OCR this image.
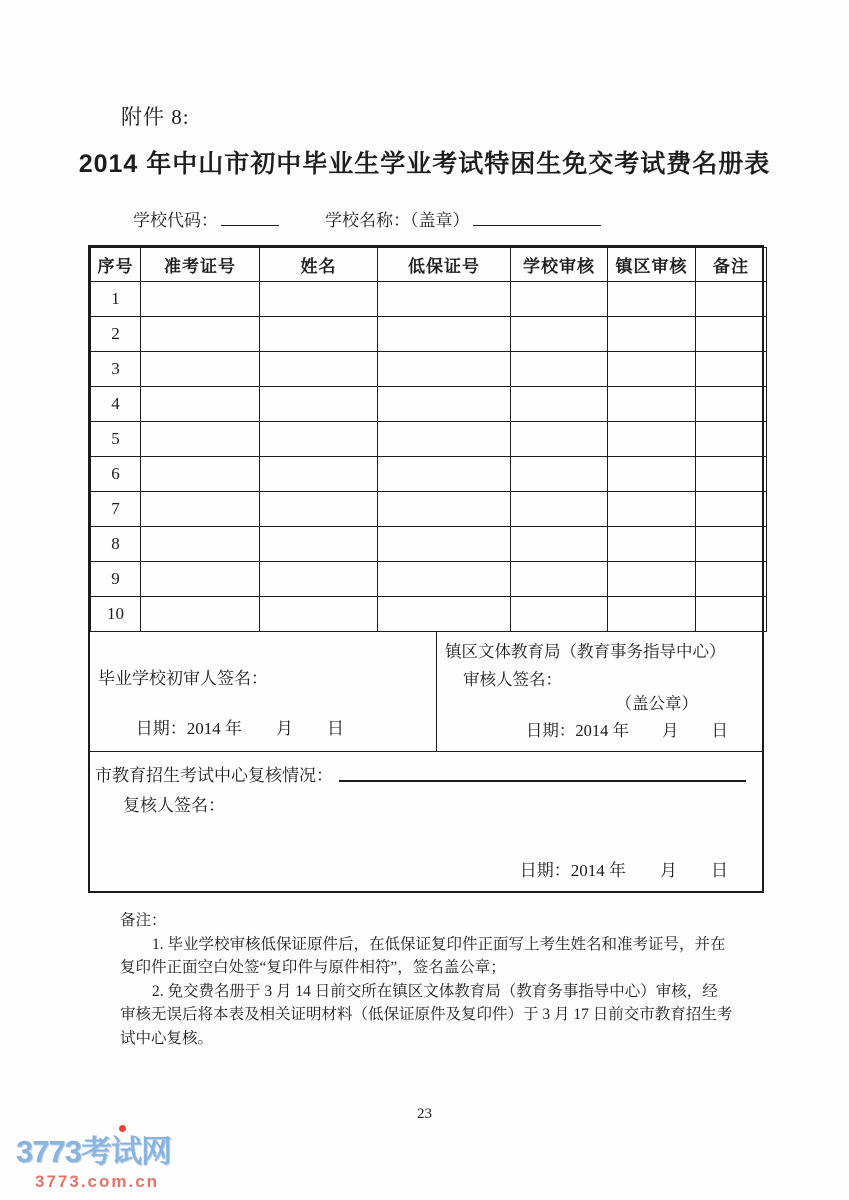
附件 8:
2014 年中山市初中毕业生学业考试特困生免交考试费名册表
学校代码：	学校名称：（盖章）
序号	准考证号	姓名	低保证号	学校审核	镇区审核	备注
1						
2						
3						
4						
5						
6						
7						
8						
9						
10						
毕业学校初审人签名：
日期：2014 年　　月　　日
镇区文体教育局（教育事务指导中心）
审核人签名：
（盖公章）
日期：2014 年　　月　　日
市教育招生考试中心复核情况：
复核人签名：
日期：2014 年　　月　　日
备注：
1. 毕业学校审核低保证原件后，在低保证复印件正面写上考生姓名和准考证号，并在
复印件正面空白处签“复印件与原件相符”，签名盖公章；
2. 免交费名册于 3 月 14 日前交所在镇区文体教育局（教育务事指导中心）审核，经
审核无误后将本表及相关证明材料（低保证原件及复印件）于 3 月 17 日前交市教育招生考
试中心复核。
23
3773考试网
3773.com.cn
